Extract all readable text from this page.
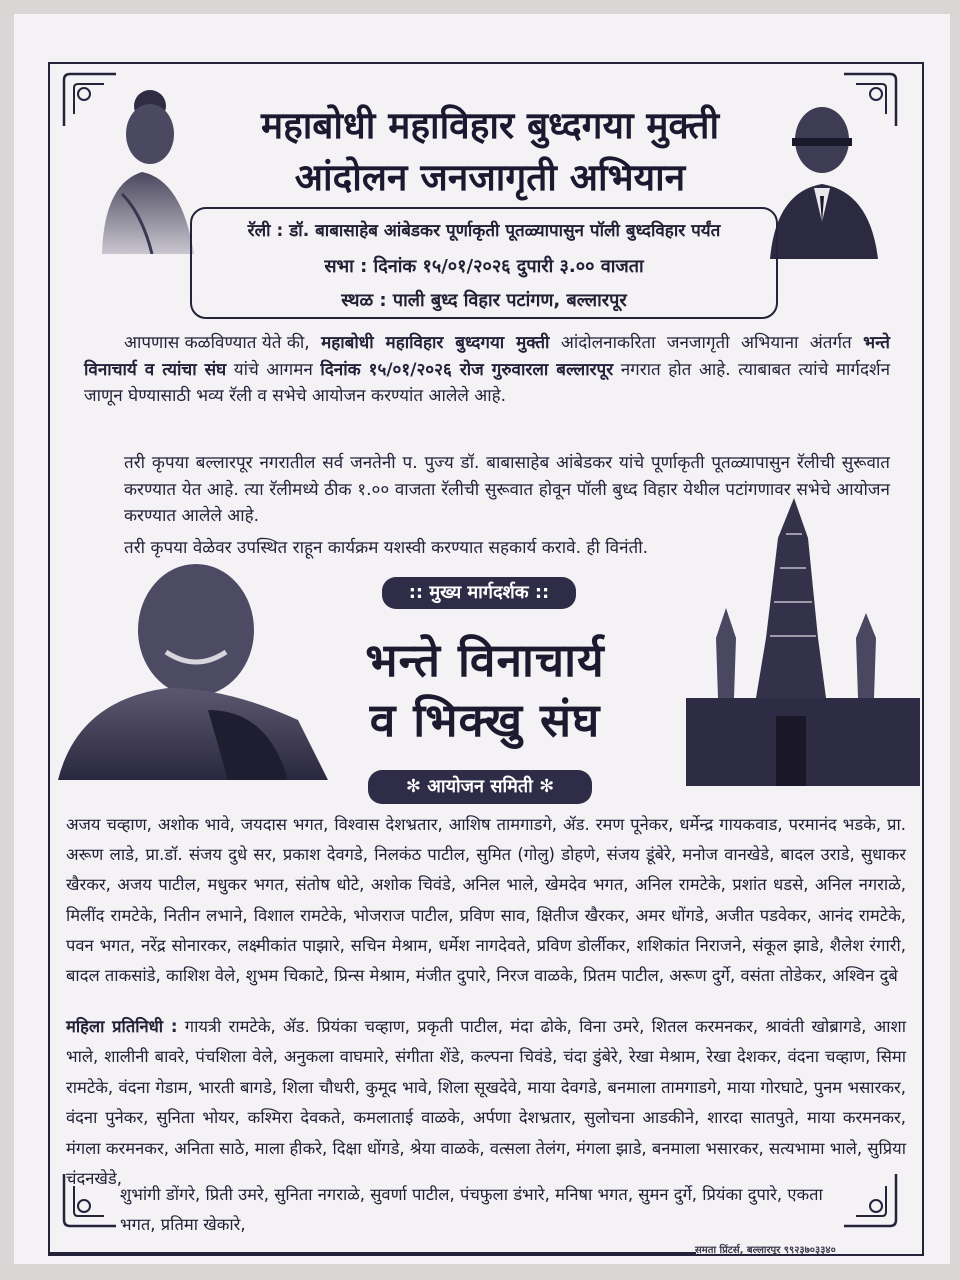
महाबोधी महाविहार बुध्दगया मुक्ती
आंदोलन जनजागृती अभियान
रॅली : डॉ. बाबासाहेब आंबेडकर पूर्णाकृती पूतळ्यापासुन पॉली बुध्दविहार पर्यंत
सभा : दिनांक १५/०१/२०२६ दुपारी ३.०० वाजता
स्थळ : पाली बुध्द विहार पटांगण, बल्लारपूर
आपणास कळविण्यात येते की, महाबोधी महाविहार बुध्दगया मुक्ती आंदोलनाकरिता जनजागृती अभियाना अंतर्गत भन्ते विनाचार्य व त्यांचा संघ यांचे आगमन दिनांक १५/०१/२०२६ रोज गुरुवारला बल्लारपूर नगरात होत आहे. त्याबाबत त्यांचे मार्गदर्शन जाणून घेण्यासाठी भव्य रॅली व सभेचे आयोजन करण्यांत आलेले आहे.
तरी कृपया बल्लारपूर नगरातील सर्व जनतेनी प. पुज्य डॉ. बाबासाहेब आंबेडकर यांचे पूर्णाकृती पूतळ्यापासुन रॅलीची सुरूवात करण्यात येत आहे. त्या रॅलीमध्ये ठीक १.०० वाजता रॅलीची सुरूवात होवून पॉली बुध्द विहार येथील पटांगणावर सभेचे आयोजन करण्यात आलेले आहे.
तरी कृपया वेळेवर उपस्थित राहून कार्यक्रम यशस्वी करण्यात सहकार्य करावे. ही विनंती.
:: मुख्य मार्गदर्शक ::
भन्ते विनाचार्य
व भिक्खु संघ
✻ आयोजन समिती ✻
अजय चव्हाण, अशोक भावे, जयदास भगत, विश्वास देशभ्रतार, आशिष तामगाडगे, ॲड. रमण पूनेकर, धर्मेन्द्र गायकवाड, परमानंद भडके, प्रा. अरूण लाडे, प्रा.डॉ. संजय दुधे सर, प्रकाश देवगडे, निलकंठ पाटील, सुमित (गोलु) डोहणे, संजय डूंबेरे, मनोज वानखेडे, बादल उराडे, सुधाकर खैरकर, अजय पाटील, मधुकर भगत, संतोष धोटे, अशोक चिवंडे, अनिल भाले, खेमदेव भगत, अनिल रामटेके, प्रशांत धडसे, अनिल नगराळे, मिलींद रामटेके, नितीन लभाने, विशाल रामटेके, भोजराज पाटील, प्रविण साव, क्षितीज खैरकर, अमर धोंगडे, अजीत पडवेकर, आनंद रामटेके, पवन भगत, नरेंद्र सोनारकर, लक्ष्मीकांत पाझारे, सचिन मेश्राम, धर्मेश नागदेवते, प्रविण डोर्लीकर, शशिकांत निराजने, संकूल झाडे, शैलेश रंगारी, बादल ताकसांडे, काशिश वेले, शुभम चिकाटे, प्रिन्स मेश्राम, मंजीत दुपारे, निरज वाळके, प्रितम पाटील, अरूण दुर्गे, वसंता तोडेकर, अश्विन दुबे
महिला प्रतिनिधी : गायत्री रामटेके, ॲड. प्रियंका चव्हाण, प्रकृती पाटील, मंदा ढोके, विना उमरे, शितल करमनकर, श्रावंती खोब्रागडे, आशा भाले, शालीनी बावरे, पंचशिला वेले, अनुकला वाघमारे, संगीता शेंडे, कल्पना चिवंडे, चंदा डुंबेरे, रेखा मेश्राम, रेखा देशकर, वंदना चव्हाण, सिमा रामटेके, वंदना गेडाम, भारती बागडे, शिला चौधरी, कुमूद भावे, शिला सूखदेवे, माया देवगडे, बनमाला तामगाडगे, माया गोरघाटे, पुनम भसारकर, वंदना पुनेकर, सुनिता भोयर, कश्मिरा देवकते, कमलाताई वाळके, अर्पणा देशभ्रतार, सुलोचना आडकीने, शारदा सातपुते, माया करमनकर, मंगला करमनकर, अनिता साठे, माला हीकरे, दिक्षा धोंगडे, श्रेया वाळके, वत्सला तेलंग, मंगला झाडे, बनमाला भसारकर, सत्यभामा भाले, सुप्रिया चंदनखेडे,
शुभांगी डोंगरे, प्रिती उमरे, सुनिता नगराळे, सुवर्णा पाटील, पंचफुला डंभारे, मनिषा भगत, सुमन दुर्गे, प्रियंका दुपारे, एकता भगत, प्रतिमा खेकारे,
समता प्रिंटर्स, बल्लारपूर ९९२३७०३३४०
